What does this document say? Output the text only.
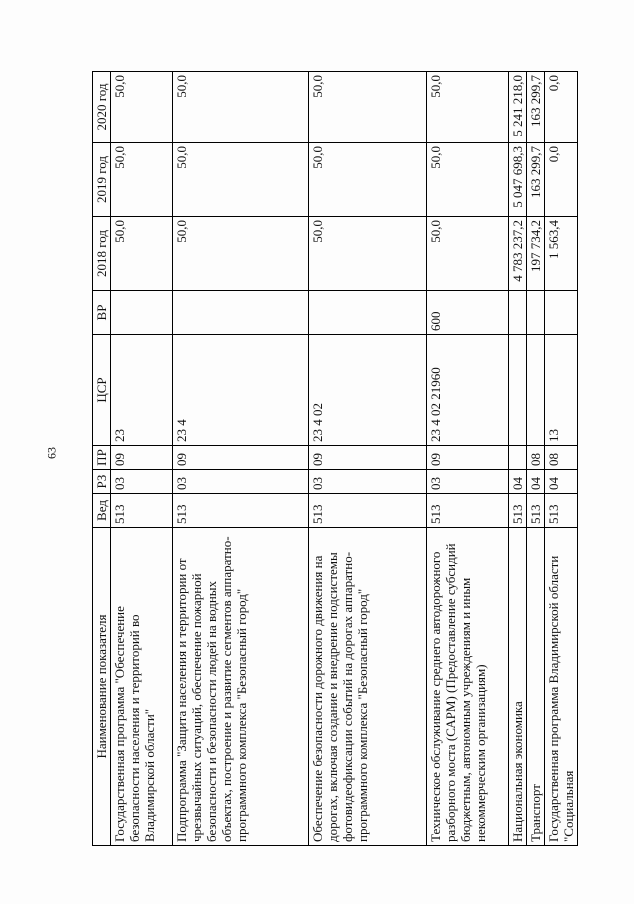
63
Наименование показателя	Вед	РЗ	ПР	ЦСР	ВР	2018 год	2019 год	2020 год
Государственная программа "Обеспечение безопасности населения и территорий во Владимирской области"	513	03	09	23		50,0	50,0	50,0
Подпрограмма "Защита населения и территории от чрезвычайных ситуаций, обеспечение пожарной безопасности и безопасности людей на водных объектах, построение и развитие сегментов аппаратно-программного комплекса "Безопасный город"	513	03	09	23 4		50,0	50,0	50,0
Обеспечение безопасности дорожного движения на дорогах, включая создание и внедрение подсистемы фотовидеофиксации событий на дорогах аппаратно-программного комплекса "Безопасный город"	513	03	09	23 4 02		50,0	50,0	50,0
Техническое обслуживание среднего автодорожного разборного моста (САРМ) (Предоставление субсидий бюджетным, автономным учреждениям и иным некоммерческим организациям)	513	03	09	23 4 02 21960	600	50,0	50,0	50,0
Национальная экономика	513	04				4 783 237,2	5 047 698,3	5 241 218,0
Транспорт	513	04	08			197 734,2	163 299,7	163 299,7
Государственная программа Владимирской области "Социальная	513	04	08	13		1 563,4	0,0	0,0
